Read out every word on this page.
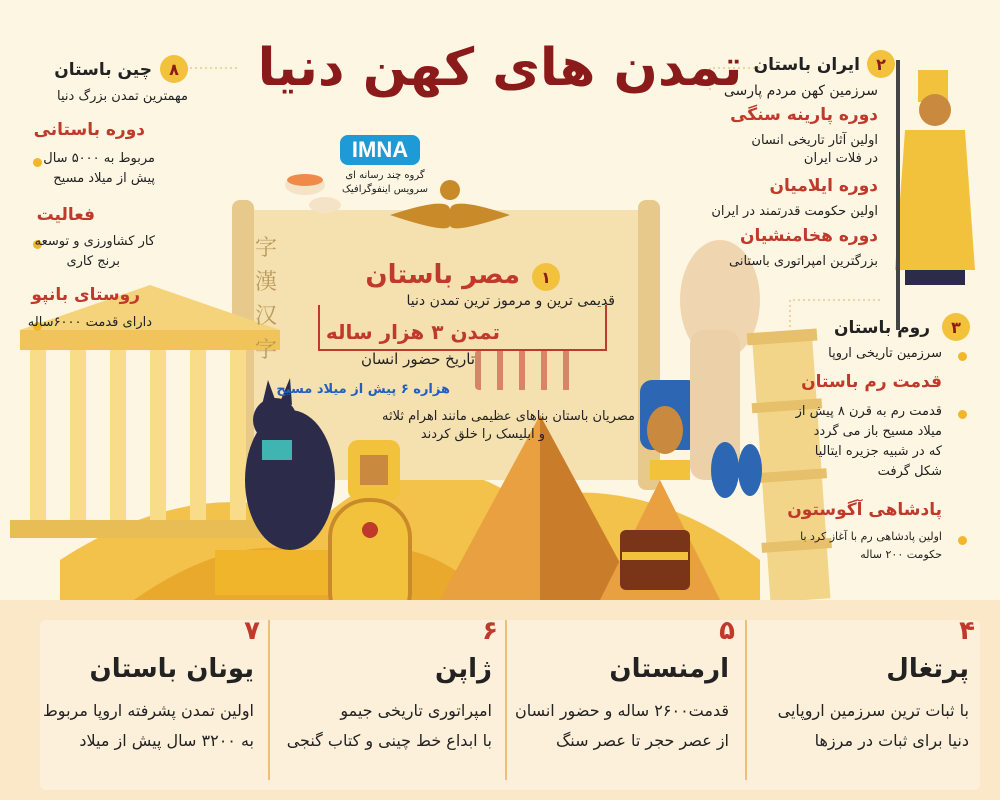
تمدن های کهن دنیا
IMNA
گروه چند رسانه ای
سرویس اینفوگرافیک
۸
چین باستان
مهمترین تمدن بزرگ دنیا
دوره باستانی
مربوط به ۵۰۰۰ سال
پیش از میلاد مسیح
فعالیت
کار کشاورزی و توسعه
برنج کاری
روستای بانپو
دارای قدمت ۶۰۰۰ساله
字
漢
汉
字
۲
ایران باستان
سرزمین کهن مردم پارسی
دوره پارینه سنگی
اولین آثار تاریخی انسان
در فلات ایران
دوره ایلامیان
اولین حکومت قدرتمند در ایران
دوره هخامنشیان
بزرگترین امپراتوری باستانی
۱
مصر باستان
قدیمی ترین و مرموز ترین تمدن دنیا
تمدن ۳ هزار ساله
تاریخ حضور انسان
هزاره ۶ پیش از میلاد مسیح
مصریان باستان بناهای عظیمی مانند اهرام ثلاثه
و ابلیسک را خلق کردند
۳
روم باستان
سرزمین تاریخی اروپا
قدمت رم باستان
قدمت رم به قرن ۸ پیش از
میلاد مسیح باز می گردد
که در شبیه جزیره ایتالیا
شکل گرفت
پادشاهی آگوستون
اولین پادشاهی رم با آغاز کرد با
حکومت ۲۰۰ ساله
۴
پرتغال
با ثبات ترین سرزمین اروپایی
دنیا برای ثبات در مرزها
۵
ارمنستان
قدمت۲۶۰۰ ساله و حضور انسان
از عصر حجر تا عصر سنگ
۶
ژاپن
امپراتوری تاریخی جیمو
با ابداع خط چینی و کتاب گنجی
۷
یونان باستان
اولین تمدن پشرفته اروپا مربوط
به ۳۲۰۰ سال پیش از میلاد
